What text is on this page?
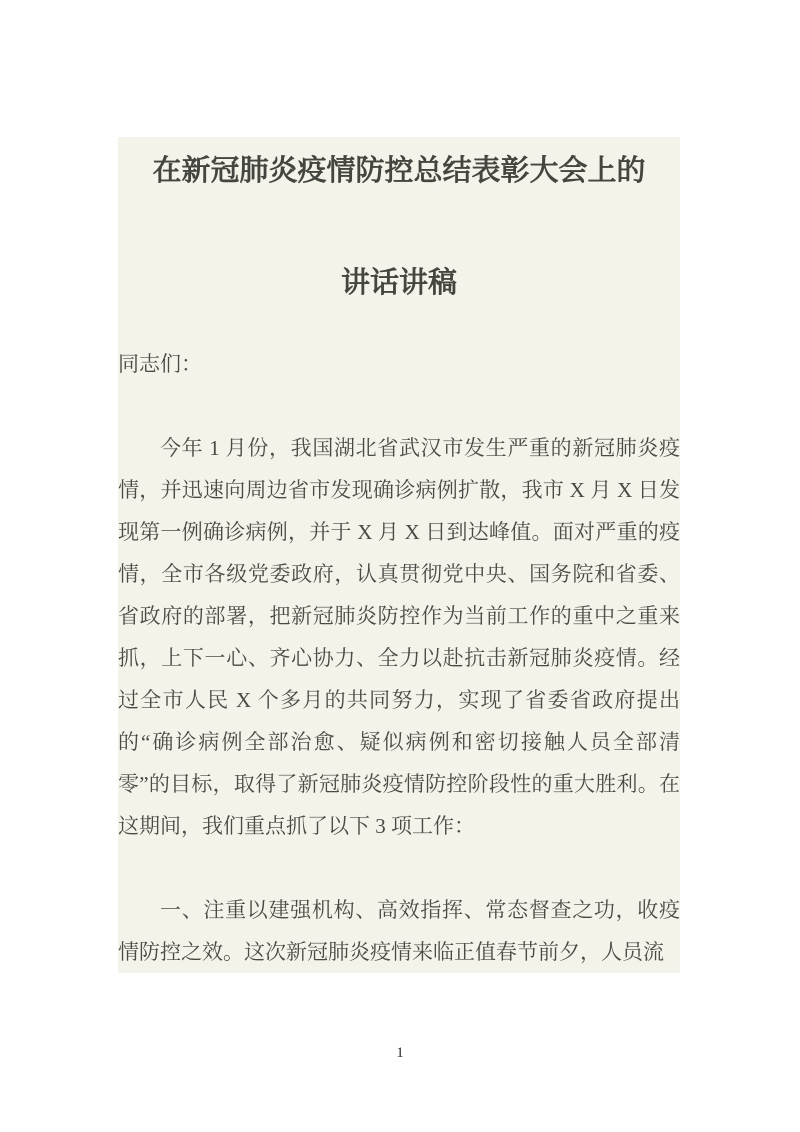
在新冠肺炎疫情防控总结表彰大会上的
讲话讲稿

同志们：

今年 1 月份，我国湖北省武汉市发生严重的新冠肺炎疫情，并迅速向周边省市发现确诊病例扩散，我市 X 月 X 日发现第一例确诊病例，并于 X 月 X 日到达峰值。面对严重的疫情，全市各级党委政府，认真贯彻党中央、国务院和省委、省政府的部署，把新冠肺炎防控作为当前工作的重中之重来抓，上下一心、齐心协力、全力以赴抗击新冠肺炎疫情。经过全市人民 X 个多月的共同努力，实现了省委省政府提出的“确诊病例全部治愈、疑似病例和密切接触人员全部清零”的目标，取得了新冠肺炎疫情防控阶段性的重大胜利。在这期间，我们重点抓了以下 3 项工作：

一、注重以建强机构、高效指挥、常态督查之功，收疫情防控之效。这次新冠肺炎疫情来临正值春节前夕，人员流

1
